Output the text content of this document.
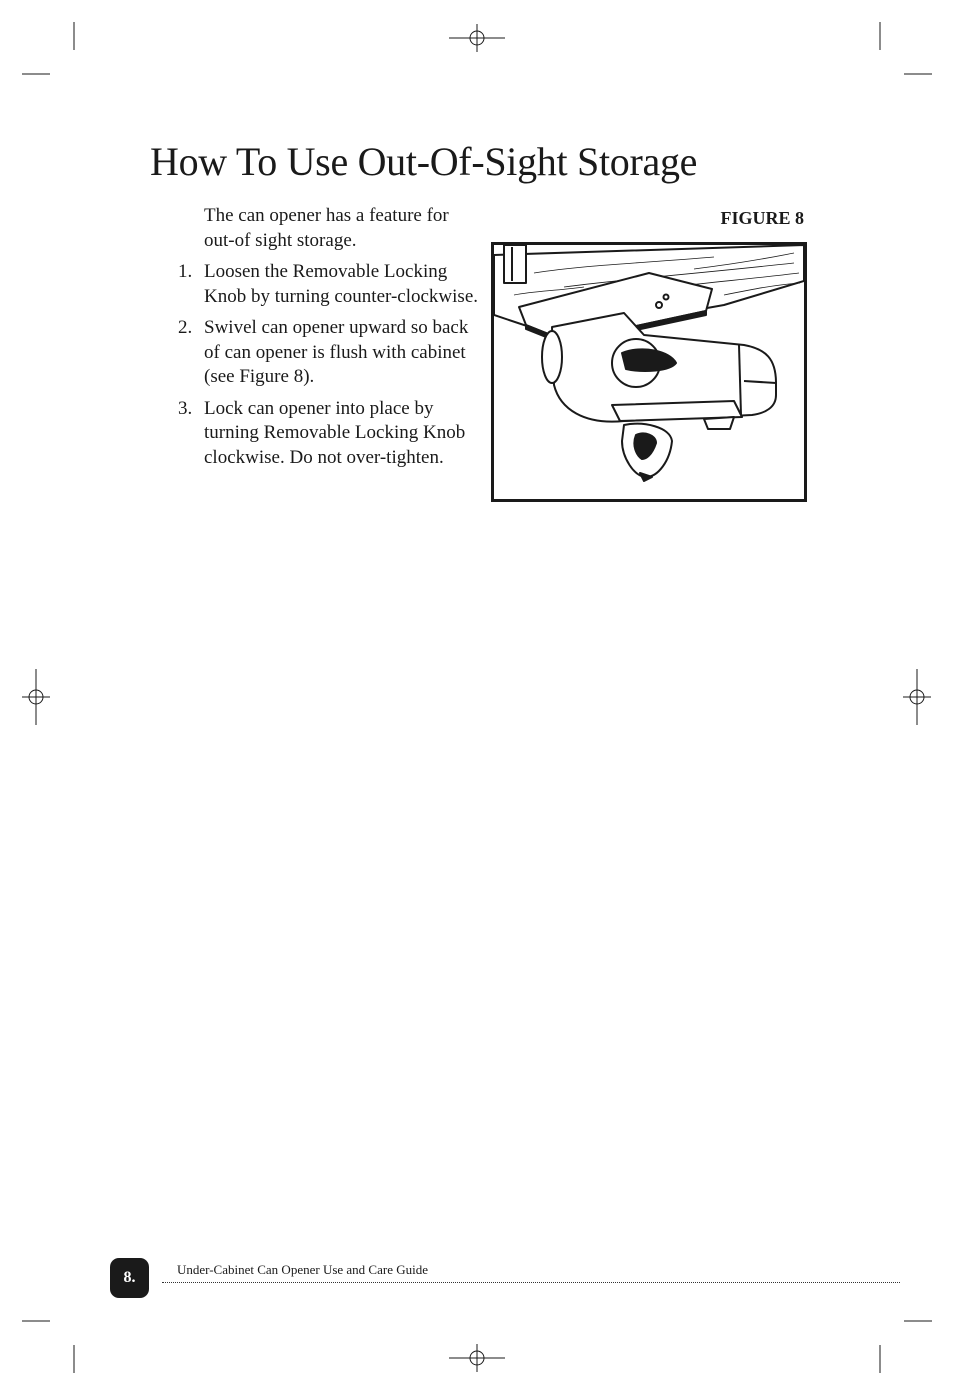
How To Use Out-Of-Sight Storage

The can opener has a feature for out-of sight storage.

1. Loosen the Removable Locking Knob by turning counter-clockwise.
2. Swivel can opener upward so back of can opener is flush with cabinet (see Figure 8).
3. Lock can opener into place by turning Removable Locking Knob clockwise. Do not over-tighten.
FIGURE 8
8.	Under-Cabinet Can Opener Use and Care Guide
